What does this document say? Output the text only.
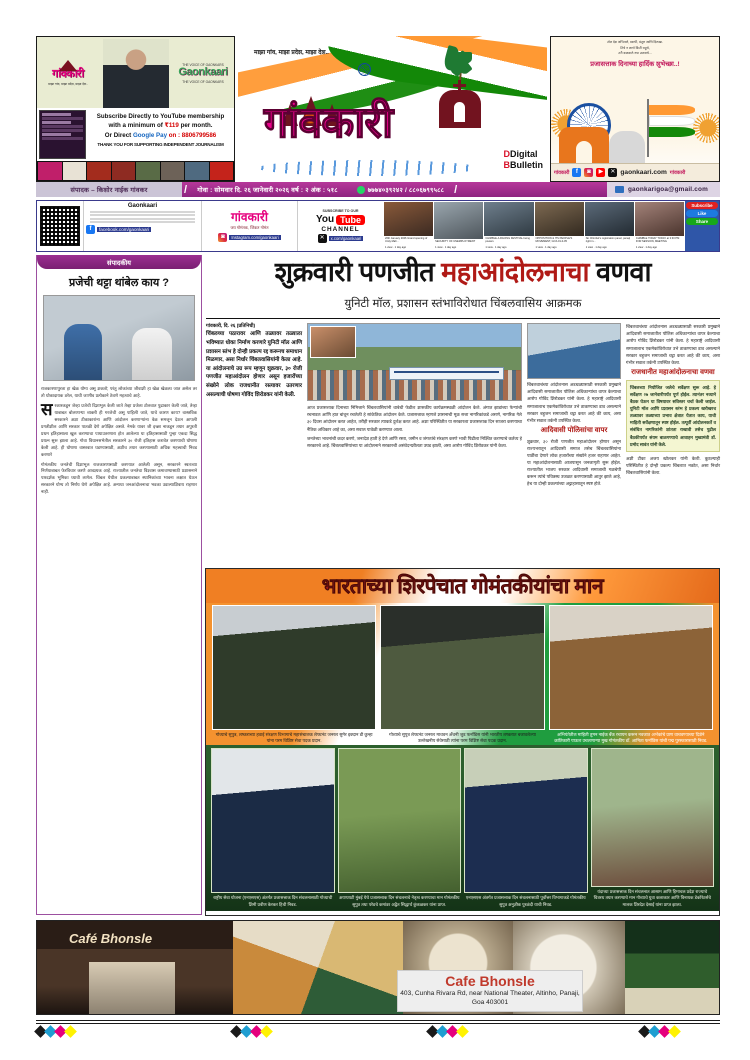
गांवकारी
माझा गांव, माझा प्रदेश, माझा देश..
THE VOICE OF GAONKARS
Gaonkaari
THE VOICE OF GAONKARS
Subscribe Directly to YouTube membership
with a minimum of ₹119 per month.
Or Direct Google Pay on : 8806799586
THANK YOU FOR SUPPORTING INDEPENDENT JOURNALISM
माझा गांव, माझा प्रदेश, माझा देश..
गांवकारी
DDigital
BBulletin
तोल देश अभिमाने, स्वाभी, संतुष्ट आणि दिलखा.
तिचे न लागो किती राहूचे,
तरी कळवाले नया उजवाचे...
प्रजासत्ताक दिनाच्या हार्दिक शुभेच्छा..!
गांवकारी	f	◙	▶	✕ gaonkaari.com गांवकारी
संपादक – किशोर नाईक गांवकर	/	गोवा : सोमवार दि. २६ जानेवारी २०२६ वर्ष : २ अंक : ५१८	७७७४०३९२४२ / ८८०६७९९५८८ /	gaonkarigoa@gmail.com
Gaonkaari
f	facebook.com/gaonkaari
गांवकारी
जय गोमंतक, जिंकत गोमंत
◙	Instagram.com/gaonkaari
SUBSCRIBE TO OUR
You Tube
CHANNEL
✕	x.com/gaonkaari	26th January 2026 Grand opening of Unity Mall...
1 view · 1 day ago
SECURITY OF UNEMPLOYMENT
1 view · 1 day ago
CHIMBLE-A RACING FESTIVAL being powers
1 view · 1 day ago
OPPOSITION & ITS PEOPLE'S MOVEMENT, GOA 01-0-05
1 view · 1 day ago
No Chimbel's registration panel, panaji right in...
1 view · 1 day ago
CHIMBLE TODAY TODAY at 3:30 PM FOR SESSION, MEETING
1 view · 1 day ago
Subscribe
Like
Share
संपादकीय
प्रजेची थट्टा थांबेल काय ?

राजकारणापुरता हा खेळ योग्य असू शकतो; परंतु लोकांच्या जीवाशी हा खेळ खेळला जात असेल तर तो घोकादायक ठरेल, याची जाणीव प्रत्येकाने ठेवणे महत्वाचे आहे.

सरकारकडून जेव्हा प्रजेची दिशाभूल केली जाते तेव्हा प्रजेला टोलवात पुढाकार केली जाते, तेव्हा याबाबत बोलणाऱ्या व्यक्ती ही गरजेची असू पाहिली जाते, याचे कारण काय? वास्तविक सरकारने अशा टीकाकारांना आणि आंदोलन करणाऱ्यांना वेळ समजून देऊन आपली प्रगतीशील आणि सरकार पातळी देणे अपेक्षित असते. नेमके यावर जी इच्छा नाकडून तयार अपुरती प्रथम इतिहासाला खुल करण्याचा पायाउतरणारा होत आलेल्या या इतिहासासाठी पुन्हा एकदा सिद्ध प्रयत्न सुरू झाला आहे. गोवा विधानसभेतील सरकारने ३० रोजी इतिहास करावेत करण्याची घोषणा केली आहे. ही घोषणा वास्तवात घडण्यासाठी, अशीच तयार करण्यासाठी अधिक महत्त्वाची निवड करणारे

गोमंतकीय जनतेची दिशाभूल राजकारणासाठी करण्यात आलेली असून, सरकारने स्वतःच्या निर्णयाबाबत फेरविचार करणे आवश्यक आहे. राज्यातील जनतेचा विश्वास कमावण्यासाठी प्रशासनाने पारदर्शक भूमिका घ्यावी लागेल. चिंबल येथील प्रकल्पाबाबत स्थानिकांच्या भावना लक्षात घेऊन सरकारने योग्य तो निर्णय घेणे अपेक्षित आहे. अन्यथा जनआंदोलनाचा भडका उडाल्याशिवाय राहणार नाही.

शुक्रवारी पणजीत महाआंदोलनाचा वणवा
युनिटी मॉल, प्रशासन स्तंभाविरोधात चिंबलवासिय आक्रमक
गांवकारी, दि. २६ (प्रतिनिधी)
चिंबलच्या पठारावर आणि तळ्यावर तळ्याला भविष्यात धोका निर्माण करणारे युनिटी मॉल आणि प्रशासन स्तंभ हे दोन्ही प्रकल्प रद्द करूनच समाधान मिळणार, असा निर्धार चिंबलवासियांनी केला आहे. या आंदोलनाचे उग्र रूप म्हणून शुक्रवार, ३० रोजी पणजीत महाआंदोलन होणार असून हजारोंच्या संख्येने लोक राजधानीत रस्त्यावर उतरणार असल्याची घोषणा गोविंद शिरोडकर यांनी केली.

आज प्रजासत्ताक दिनाच्या निमित्ताने चिंबलवासियांनी धाबेधी फेडील शासकीय कार्यक्रमस्थळी आंदोलन केले. अंगात झाडांच्या फेऱ्यांची रचनाडल आणि हात बांधून रचलेली हे सांकेतिक आंदोलन केले. प्रजासत्ताक म्हणजे शासनाची मूळ सत्ता नागरिकांकडे असणे, नागरिक गेले ३० दिवस आंदोलन करत आहेत, तरीही सरकार त्याकडे दुर्लक्ष करत आहे. अशा परिस्थितीत या सरकारला प्रजासत्ताक दिन साजरा करण्याचा नैतिक अधिकार आहे का, असा सवाल यावेळी करण्यात आला.

जनतेच्या भावनांची कदर करणे, जनादेश हाती हे देणे आणि रस्ता, जमीन व जंगलांचे संरक्षण करणे भावी पिढीला निश्चित करण्याचे कर्तव्य हे सरकारचे आहे. चिंबलवासियांच्या या आंदोलनाने सरकारची असंवेदनशीलता उघड झाली, असा आरोप गोविंद शिरोडकर यांनी केला.

चिंबलवाचंच्या आंदोलनास अडथळ्यासाठी सरकारी प्रमुखाने आदिवासी समाजातील पोलिस अधिकाऱ्यांचा वापर केल्याचा आरोप गोविंद शिरोडकर यांनी केला. हे महाराष्ट्रे आदिवासी समाजालाच एकमेकांविरोधात उभे ठाकण्याचा डाव असल्याने सरकार बहुजन समाजाची थट्टा करत आहे की काय, असा गंभीर सवाल तर्कनी उपस्थित केला.

आदिवासी पोलिसांचा वापर

शुक्रवार, ३० रोजी पणजीत महाआंदोलन होणार असून राज्यभरातून आदिवासी समाज तसेच चिंबलवासियांना पाठींबा देणारे लोक हजारोंच्या संख्येने हजर राहणार आहेत. या महाआंदोलनासाठी आजपासून जनजागृती सुरू होईल. राज्यातील भाजप सरकार आदिवासी समाजाची गळचेपी करून त्यांचे पवित्रस्थ उजळत करण्यासाठी आतुर झाले आहे, हेच या दोन्ही प्रकल्पांच्या अट्टाहासातून स्पष्ट होते.

चिंबलवाचंच्या आंदोलनास अडथळ्यासाठी सरकारी प्रमुखाने आदिवासी समाजातील पोलिस अधिकाऱ्यांचा वापर केल्याचा आरोप गोविंद शिरोडकर यांनी केला. हे महाराष्ट्रे आदिवासी समाजालाच एकमेकांविरोधात उभे ठाकण्याचा डाव असल्याने सरकार बहुजन समाजाची थट्टा करत आहे की काय, असा गंभीर सवाल तर्कनी उपस्थित केला.

राजधानीत महाआंदोलनाचा वणवा
चिंबलच्या नियोजित जलेचे सर्वेक्षण सुरू आहे. हे सर्वेक्षण २७ जानेवारीपर्यंत पूर्ण होईल. त्यानंतर नव्याने बैठक घेऊन या विषयावर सविस्तर चर्चा केली जाईल. युनिटी मॉल आणि प्रशासन स्तंभ हे प्रकल्प खरोखरच तळ्यावर तळ्याच्या प्रभाव क्षेत्रात येतात काय, याची माहिती सर्वेक्षणातून स्पष्ट होईल. तत्पूर्वी आंदोलनकर्ते व संबंधित नागरिकांनी शांतता राखावी तसेच पुढील बैठकीपर्यंत संयम बाळगण्याचे आवाहन मुख्यमंत्री डॉ. प्रमोद सावंत यांनी केले.

अशी टीका अजय खोलकर यांनी केली. कुठल्याही परिस्थितीत हे दोन्ही प्रकल्प चिंबलात नकोत, असा निर्धार चिंबलवासियांनी केला.

भारताच्या शिरपेचात गोमंतकीयांचा मान
गोव्याचे सुपुत्र, लष्कराच्या हवाई संरक्षण विभागाचे महासंचालक लेफ्टनंट जनरल सुमेर इक्दान डी कुन्हा यांना परम विशिष्ट सेवा पदक प्रदान.
गोव्याचे सुपुत्र लेफ्टनंट जनरल माधवन अँथनी जुड फर्नांडिस यांनी भारतीय लष्करात बजावलेल्या उल्लेखनीय सेवेसाठी त्यांना परम विशिष्ट सेवा पदक प्रदान.
अभियंतेतील माहिती तुमन नाईक बँक रचायन करून नवजात अर्भकांचे प्राण वाचवण्याच्या दिशेने क्रांतिकारी पाऊल उचलणाऱ्या मुख गोमंतकीय डॉ. आमिता फर्नांडिस यांची पद्म पुरस्कारासाठी निवड.
राष्ट्रीय सेवा योजना (एनएसएस) अंतर्गत प्रजासत्ताक दिन संचलनासाठी गोव्याची शिमी प्रवीण केरकर हिची निवड.
अयप्पयटी मुंबई येथे प्रजासत्ताक दिन संचलनाचे नेतृत्व करण्याचा मान गोमंतकीय सुपुत्र तथा परेडचे कमांडर अद्वैत सिद्धार्थ कुंकळकर यांना प्राप्त.
एनएसएस अंतर्गत प्रजासत्ताक दिन संचलनासाठी पूर्वोत्तर विभागाकडे गोमंतकीय सुपुत्र अनुज्ञीक पुरळंदी याची निवड.
यंदाच्या प्रजासत्ताक दिन संचलनात आसाम आणि हिमाचल प्रदेश राज्याचे चित्ररथ तयार करण्याचे मान गोव्याचे युवा कलाकार आणि विनायक डेकोरेटर्सचे मालक शिरदेश देसाई यांना प्राप्त झाला.
Café Bhonsle
Cafe Bhonsle
403, Cunha Rivara Rd, near National Theater, Altinho, Panaji, Goa 403001
